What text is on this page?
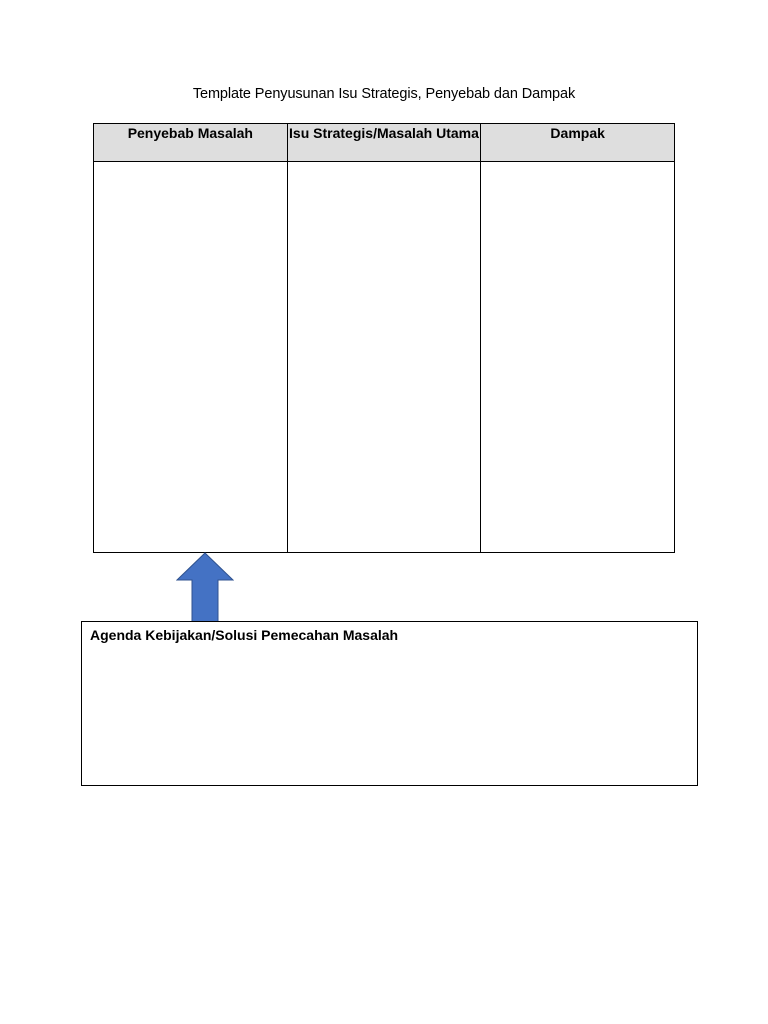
Template Penyusunan Isu Strategis, Penyebab dan Dampak
Penyebab Masalah	Isu Strategis/Masalah Utama	Dampak

Agenda Kebijakan/Solusi Pemecahan Masalah
